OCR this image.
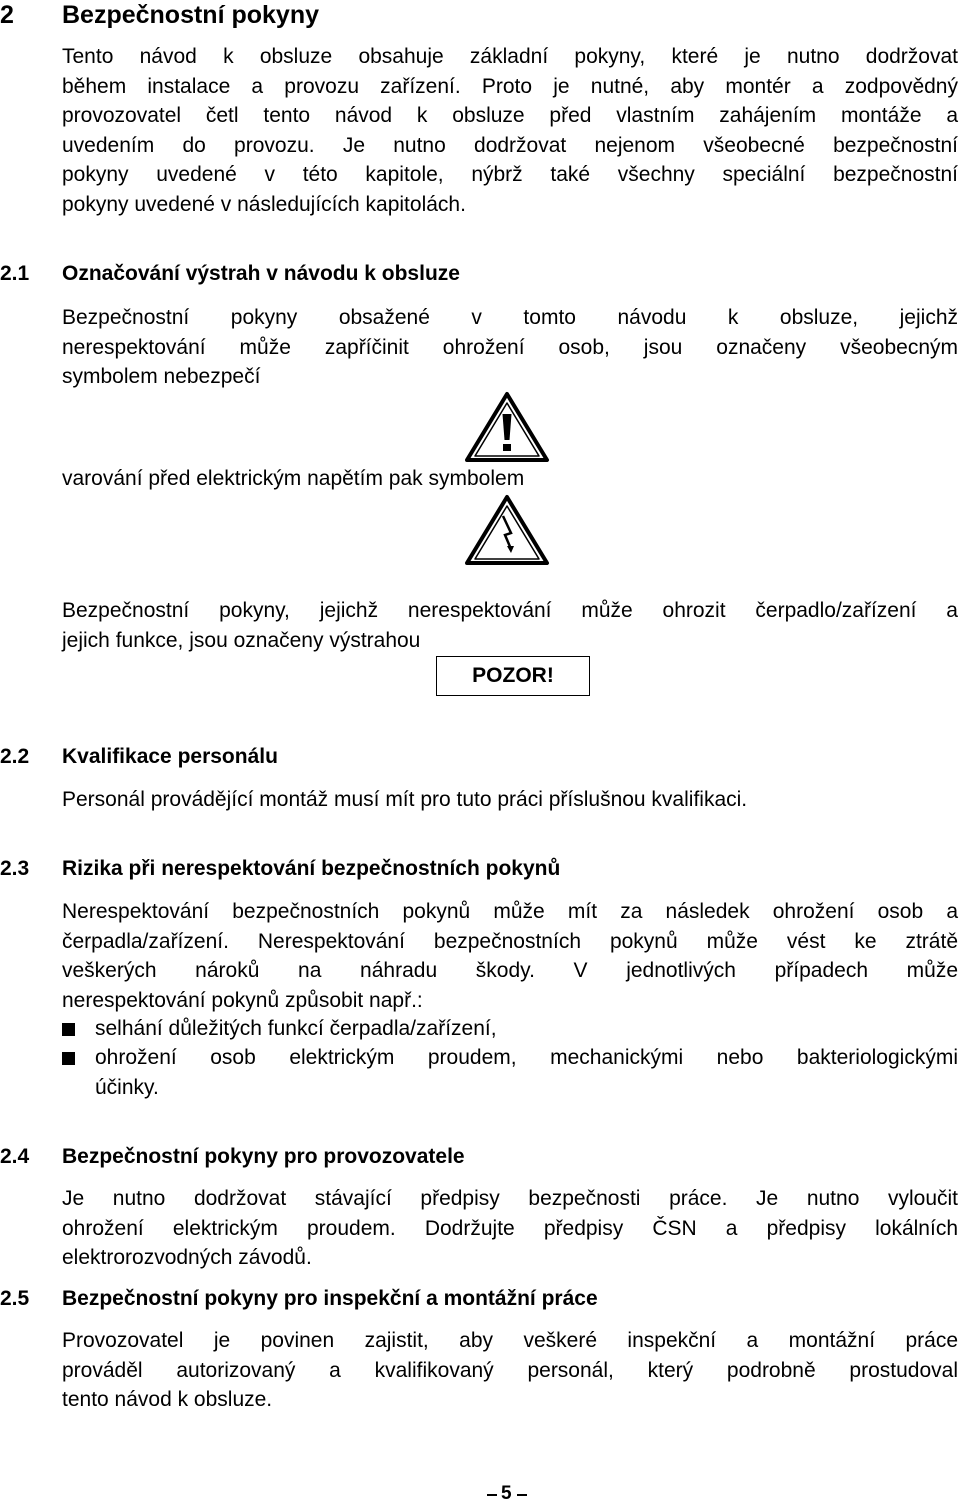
2 Bezpečnostní pokyny
Tento návod k obsluze obsahuje základní pokyny, které je nutno dodržovat
během instalace a provozu zařízení. Proto je nutné, aby montér a zodpovědný
provozovatel četl tento návod k obsluze před vlastním zahájením montáže a
uvedením do provozu. Je nutno dodržovat nejenom všeobecné bezpečnostní
pokyny uvedené v této kapitole, nýbrž také všechny speciální bezpečnostní
pokyny uvedené v následujících kapitolách.
2.1 Označování výstrah v návodu k obsluze
Bezpečnostní pokyny obsažené v tomto návodu k obsluze, jejichž
nerespektování může zapříčinit ohrožení osob, jsou označeny všeobecným
symbolem nebezpečí
varování před elektrickým napětím pak symbolem
Bezpečnostní pokyny, jejichž nerespektování může ohrozit čerpadlo/zařízení a
jejich funkce, jsou označeny výstrahou
POZOR!
2.2 Kvalifikace personálu
Personál provádějící montáž musí mít pro tuto práci příslušnou kvalifikaci.
2.3 Rizika při nerespektování bezpečnostních pokynů
Nerespektování bezpečnostních pokynů může mít za následek ohrožení osob a
čerpadla/zařízení. Nerespektování bezpečnostních pokynů může vést ke ztrátě
veškerých nároků na náhradu škody. V jednotlivých případech může
nerespektování pokynů způsobit např.:
selhání důležitých funkcí čerpadla/zařízení,
ohrožení osob elektrickým proudem, mechanickými nebo bakteriologickými
účinky.
2.4 Bezpečnostní pokyny pro provozovatele
Je nutno dodržovat stávající předpisy bezpečnosti práce. Je nutno vyloučit
ohrožení elektrickým proudem. Dodržujte předpisy ČSN a předpisy lokálních
elektrorozvodných závodů.
2.5 Bezpečnostní pokyny pro inspekční a montážní práce
Provozovatel je povinen zajistit, aby veškeré inspekční a montážní práce
prováděl autorizovaný a kvalifikovaný personál, který podrobně prostudoval
tento návod k obsluze.
5
